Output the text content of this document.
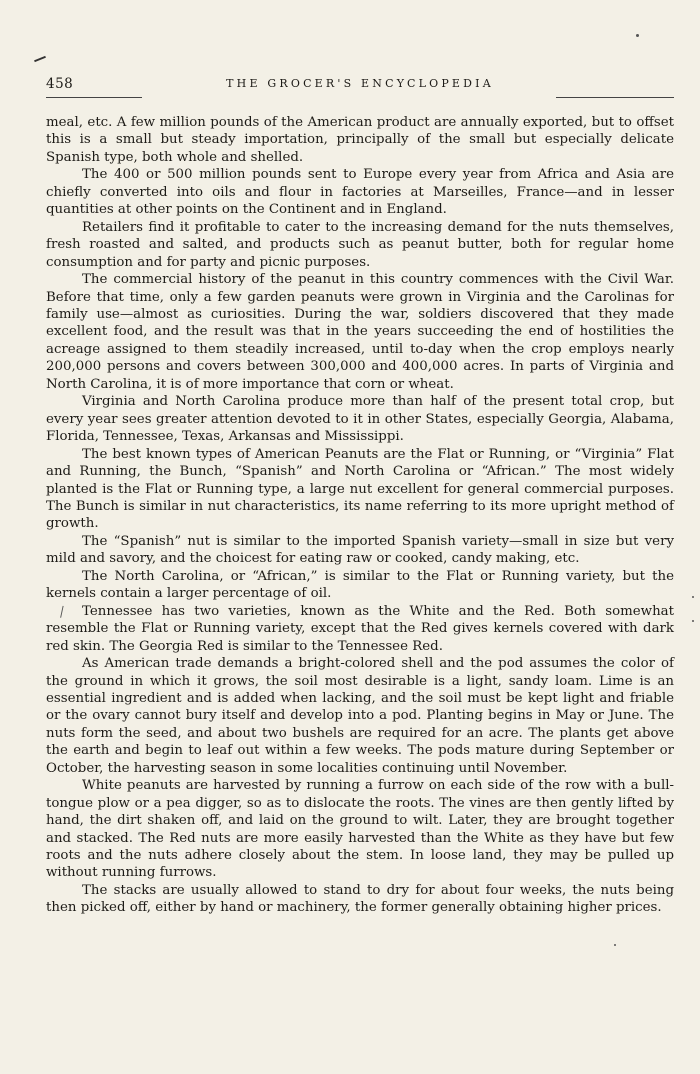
458	THE GROCER'S ENCYCLOPEDIA
|

meal, etc. A few million pounds of the American product are annually exported, but to offset this is a small but steady importation, principally of the small but especially delicate Spanish type, both whole and shelled.

The 400 or 500 million pounds sent to Europe every year from Africa and Asia are chiefly converted into oils and flour in factories at Marseilles, France—and in lesser quantities at other points on the Continent and in England.

Retailers find it profitable to cater to the increasing demand for the nuts themselves, fresh roasted and salted, and products such as peanut butter, both for regular home consumption and for party and picnic purposes.

The commercial history of the peanut in this country commences with the Civil War. Before that time, only a few garden peanuts were grown in Virginia and the Carolinas for family use—almost as curiosities. During the war, soldiers discovered that they made excellent food, and the result was that in the years succeeding the end of hostilities the acreage assigned to them steadily increased, until to-day when the crop employs nearly 200,000 persons and covers between 300,000 and 400,000 acres. In parts of Virginia and North Carolina, it is of more importance that corn or wheat.

Virginia and North Carolina produce more than half of the present total crop, but every year sees greater attention devoted to it in other States, especially Georgia, Alabama, Florida, Tennessee, Texas, Arkansas and Mississippi.

The best known types of American Peanuts are the Flat or Running, or “Virginia” Flat and Running, the Bunch, “Spanish” and North Carolina or “African.” The most widely planted is the Flat or Running type, a large nut excellent for general commercial purposes. The Bunch is similar in nut characteristics, its name referring to its more upright method of growth.

The “Spanish” nut is similar to the imported Spanish variety—small in size but very mild and savory, and the choicest for eating raw or cooked, candy making, etc.

The North Carolina, or “African,” is similar to the Flat or Running variety, but the kernels contain a larger percentage of oil.

Tennessee has two varieties, known as the White and the Red. Both somewhat resemble the Flat or Running variety, except that the Red gives kernels covered with dark red skin. The Georgia Red is similar to the Tennessee Red.

As American trade demands a bright-colored shell and the pod assumes the color of the ground in which it grows, the soil most desirable is a light, sandy loam. Lime is an essential ingredient and is added when lacking, and the soil must be kept light and friable or the ovary cannot bury itself and develop into a pod. Planting begins in May or June. The nuts form the seed, and about two bushels are required for an acre. The plants get above the earth and begin to leaf out within a few weeks. The pods mature during September or October, the harvesting season in some localities continuing until November.

White peanuts are harvested by running a furrow on each side of the row with a bull-tongue plow or a pea digger, so as to dislocate the roots. The vines are then gently lifted by hand, the dirt shaken off, and laid on the ground to wilt. Later, they are brought together and stacked. The Red nuts are more easily harvested than the White as they have but few roots and the nuts adhere closely about the stem. In loose land, they may be pulled up without running furrows.

The stacks are usually allowed to stand to dry for about four weeks, the nuts being then picked off, either by hand or machinery, the former generally obtaining higher prices.
